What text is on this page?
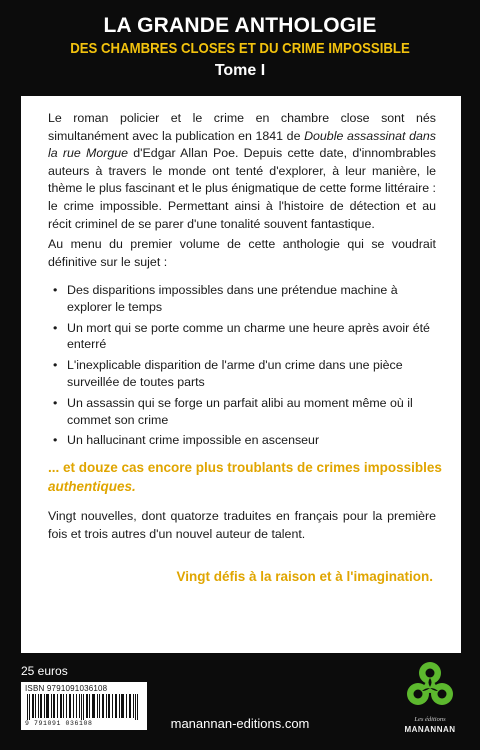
LA GRANDE ANTHOLOGIE
DES CHAMBRES CLOSES ET DU CRIME IMPOSSIBLE
Tome I
Le roman policier et le crime en chambre close sont nés simultanément avec la publication en 1841 de Double assassinat dans la rue Morgue d'Edgar Allan Poe. Depuis cette date, d'innombrables auteurs à travers le monde ont tenté d'explorer, à leur manière, le thème le plus fascinant et le plus énigmatique de cette forme littéraire : le crime impossible. Permettant ainsi à l'histoire de détection et au récit criminel de se parer d'une tonalité souvent fantastique.
Au menu du premier volume de cette anthologie qui se voudrait définitive sur le sujet :
• Des disparitions impossibles dans une prétendue machine à explorer le temps
• Un mort qui se porte comme un charme une heure après avoir été enterré
• L'inexplicable disparition de l'arme d'un crime dans une pièce surveillée de toutes parts
• Un assassin qui se forge un parfait alibi au moment même où il commet son crime
• Un hallucinant crime impossible en ascenseur
... et douze cas encore plus troublants de crimes impossibles
authentiques.
Vingt nouvelles, dont quatorze traduites en français pour la première fois et trois autres d'un nouvel auteur de talent.
Vingt défis à la raison et à l'imagination.
25 euros
ISBN 9791091036108
9 791091 036108	manannan-editions.com	Les éditions
MANANNAN
